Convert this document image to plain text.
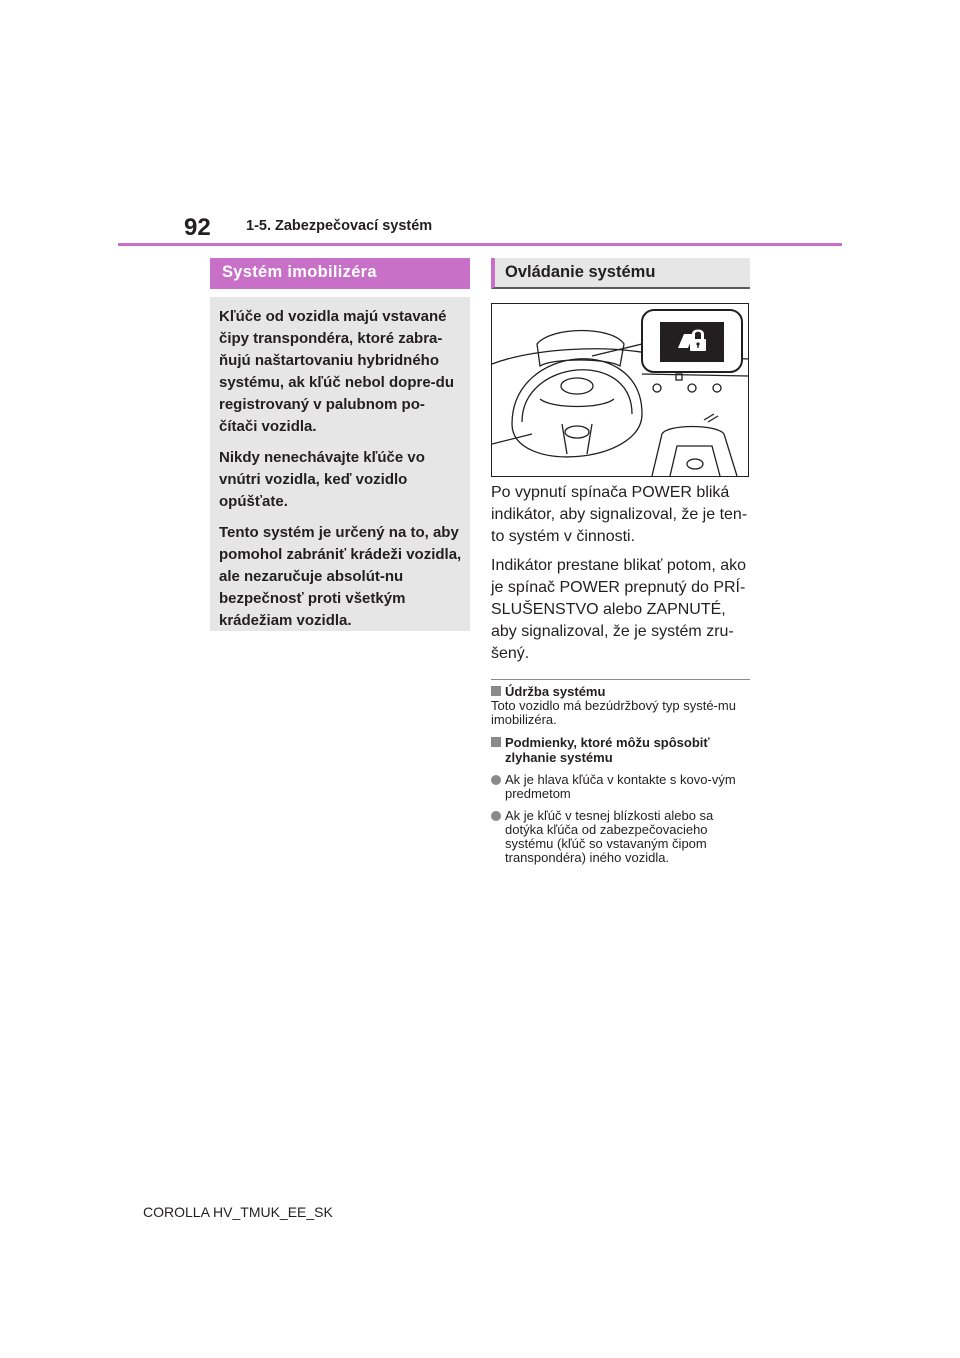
92 1-5. Zabezpečovací systém
Systém imobilizéra

Kľúče od vozidla majú vstavané čipy transpondéra, ktoré zabra-ňujú naštartovaniu hybridného systému, ak kľúč nebol dopre-du registrovaný v palubnom po-čítači vozidla.

Nikdy nenechávajte kľúče vo vnútri vozidla, keď vozidlo opúšťate.

Tento systém je určený na to, aby pomohol zabrániť krádeži vozidla, ale nezaručuje absolút-nu bezpečnosť proti všetkým krádežiam vozidla.

Ovládanie systému

Po vypnutí spínača POWER bliká indikátor, aby signalizoval, že je ten-to systém v činnosti.

Indikátor prestane blikať potom, ako je spínač POWER prepnutý do PRÍ-SLUŠENSTVO alebo ZAPNUTÉ, aby signalizoval, že je systém zru-šený.

Údržba systému
Toto vozidlo má bezúdržbový typ systé-mu imobilizéra.
Podmienky, ktoré môžu spôsobiť zlyhanie systému
Ak je hlava kľúča v kontakte s kovo-vým predmetom
Ak je kľúč v tesnej blízkosti alebo sa dotýka kľúča od zabezpečovacieho systému (kľúč so vstavaným čipom transpondéra) iného vozidla.
COROLLA HV_TMUK_EE_SK
